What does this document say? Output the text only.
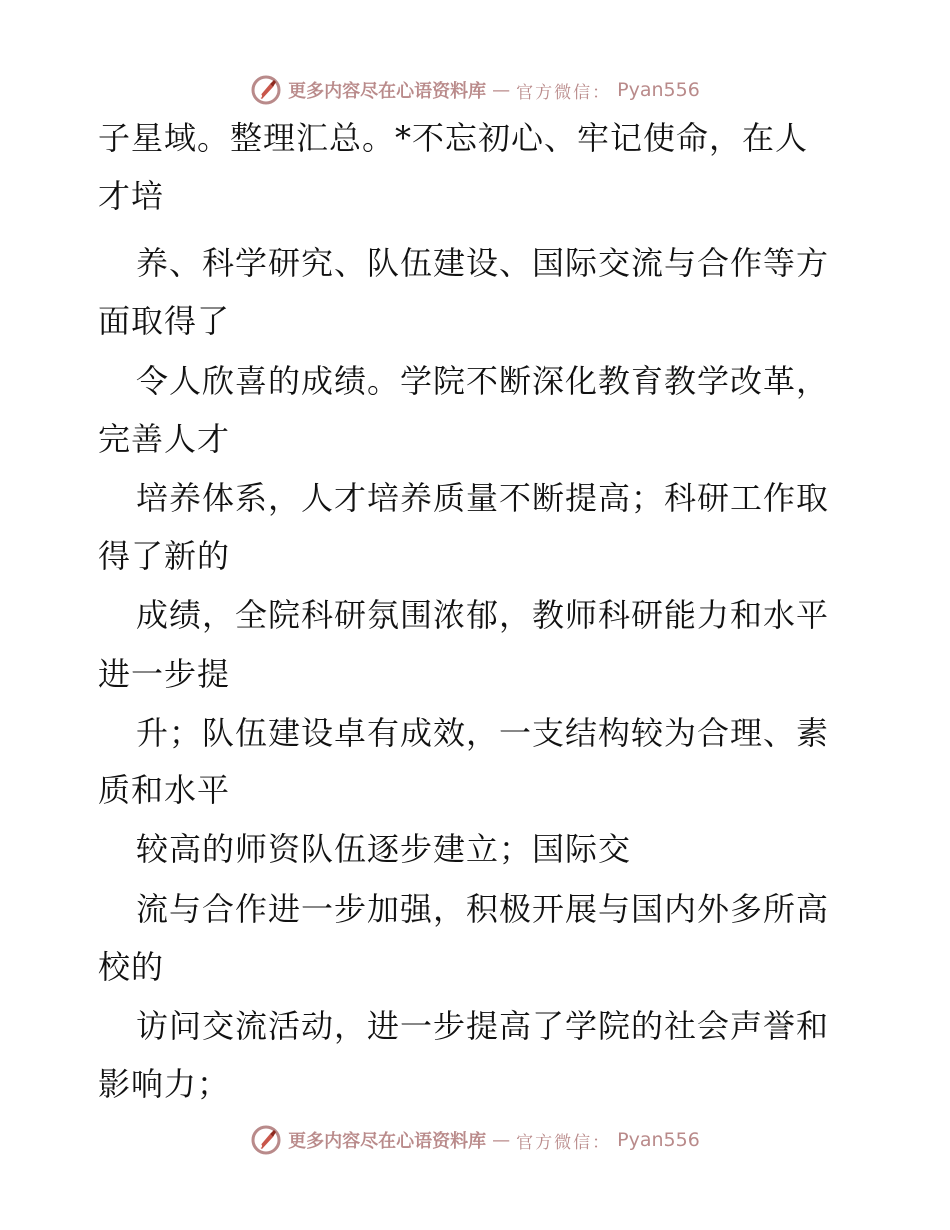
更多内容尽在心语资料库 — 官方微信： Pyan556
子星域。整理汇总。*不忘初心、牢记使命，在人
才培
养、科学研究、队伍建设、国际交流与合作等方
面取得了
令人欣喜的成绩。学院不断深化教育教学改革，
完善人才
培养体系，人才培养质量不断提高；科研工作取
得了新的
成绩，全院科研氛围浓郁，教师科研能力和水平
进一步提
升；队伍建设卓有成效，一支结构较为合理、素
质和水平
较高的师资队伍逐步建立；国际交
流与合作进一步加强，积极开展与国内外多所高
校的
访问交流活动，进一步提高了学院的社会声誉和
影响力；
更多内容尽在心语资料库 — 官方微信： Pyan556
